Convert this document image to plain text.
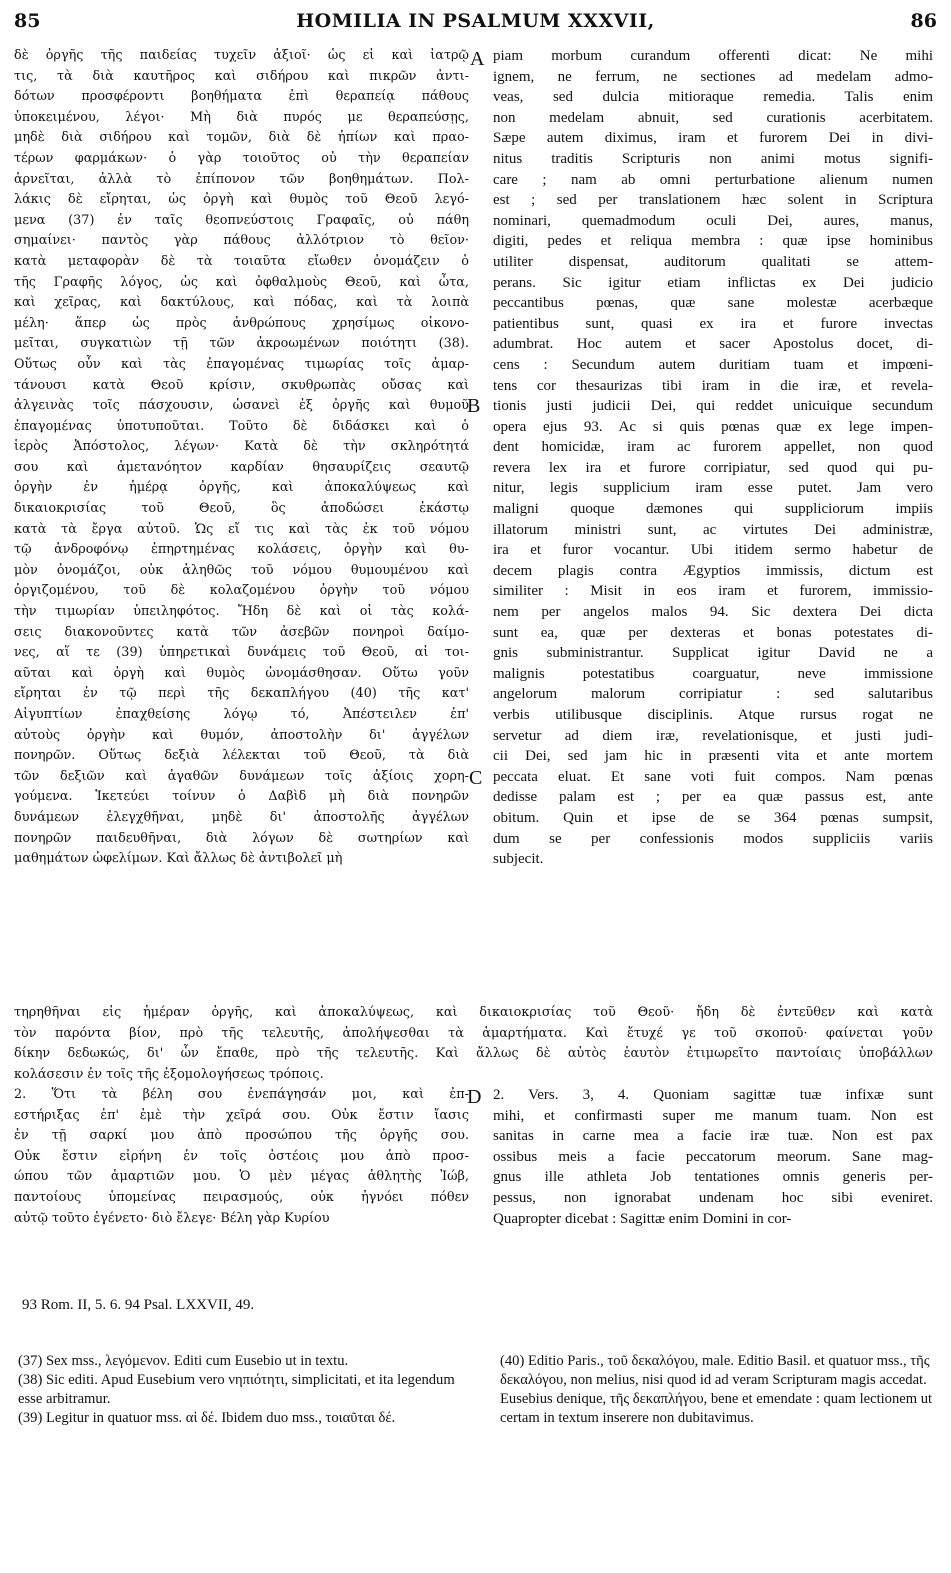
85	HOMILIA IN PSALMUM XXXVII,	86
A
B
C
D
δὲ ὀργῆς τῆς παιδείας τυχεῖν ἀξιοῖ· ὡς εἰ καὶ ἰατρῷ
τις, τὰ διὰ καυτῆρος καὶ σιδήρου καὶ πικρῶν ἀντι-
δότων προσφέροντι βοηθήματα ἐπὶ θεραπείᾳ πάθους
ὑποκειμένου, λέγοι· Μὴ διὰ πυρός με θεραπεύσῃς,
μηδὲ διὰ σιδήρου καὶ τομῶν, διὰ δὲ ἠπίων καὶ πραο-
τέρων φαρμάκων· ὁ γὰρ τοιοῦτος οὐ τὴν θεραπείαν
ἀρνεῖται, ἀλλὰ τὸ ἐπίπονον τῶν βοηθημάτων. Πολ-
λάκις δὲ εἴρηται, ὡς ὀργὴ καὶ θυμὸς τοῦ Θεοῦ λεγό-
μενα (37) ἐν ταῖς θεοπνεύστοις Γραφαῖς, οὐ πάθη
σημαίνει· παντὸς γὰρ πάθους ἀλλότριον τὸ θεῖον·
κατὰ μεταφορὰν δὲ τὰ τοιαῦτα εἴωθεν ὀνομάζειν ὁ
τῆς Γραφῆς λόγος, ὡς καὶ ὀφθαλμοὺς Θεοῦ, καὶ ὦτα,
καὶ χεῖρας, καὶ δακτύλους, καὶ πόδας, καὶ τὰ λοιπὰ
μέλη· ἅπερ ὡς πρὸς ἀνθρώπους χρησίμως οἰκονο-
μεῖται, συγκατιὼν τῇ τῶν ἀκροωμένων ποιότητι (38).
Οὕτως οὖν καὶ τὰς ἐπαγομένας τιμωρίας τοῖς ἁμαρ-
τάνουσι κατὰ Θεοῦ κρίσιν, σκυθρωπὰς οὔσας καὶ
ἀλγεινὰς τοῖς πάσχουσιν, ὡσανεὶ ἐξ ὀργῆς καὶ θυμοῦ
ἐπαγομένας ὑποτυποῦται. Τοῦτο δὲ διδάσκει καὶ ὁ
ἱερὸς Ἀπόστολος, λέγων· Κατὰ δὲ τὴν σκληρότητά
σου καὶ ἀμετανόητον καρδίαν θησαυρίζεις σεαυτῷ
ὀργὴν ἐν ἡμέρᾳ ὀργῆς, καὶ ἀποκαλύψεως καὶ
δικαιοκρισίας τοῦ Θεοῦ, ὃς ἀποδώσει ἑκάστῳ
κατὰ τὰ ἔργα αὐτοῦ. Ὡς εἴ τις καὶ τὰς ἐκ τοῦ νόμου
τῷ ἀνδροφόνῳ ἐπηρτημένας κολάσεις, ὀργὴν καὶ θυ-
μὸν ὀνομάζοι, οὐκ ἀληθῶς τοῦ νόμου θυμουμένου καὶ
ὀργιζομένου, τοῦ δὲ κολαζομένου ὀργὴν τοῦ νόμου
τὴν τιμωρίαν ὑπειληφότος. Ἤδη δὲ καὶ οἱ τὰς κολά-
σεις διακονοῦντες κατὰ τῶν ἀσεβῶν πονηροὶ δαίμο-
νες, αἵ τε (39) ὑπηρετικαὶ δυνάμεις τοῦ Θεοῦ, αἱ τοι-
αῦται καὶ ὀργὴ καὶ θυμὸς ὠνομάσθησαν. Οὕτω γοῦν
εἴρηται ἐν τῷ περὶ τῆς δεκαπλήγου (40) τῆς κατ'
Αἰγυπτίων ἐπαχθείσης λόγῳ τό, Ἀπέστειλεν ἐπ'
αὐτοὺς ὀργὴν καὶ θυμόν, ἀποστολὴν δι' ἀγγέλων
πονηρῶν. Οὕτως δεξιὰ λέλεκται τοῦ Θεοῦ, τὰ διὰ
τῶν δεξιῶν καὶ ἀγαθῶν δυνάμεων τοῖς ἀξίοις χορη-
γούμενα. Ἱκετεύει τοίνυν ὁ Δαβὶδ μὴ διὰ πονηρῶν
δυνάμεων ἐλεγχθῆναι, μηδὲ δι' ἀποστολῆς ἀγγέλων
πονηρῶν παιδευθῆναι, διὰ λόγων δὲ σωτηρίων καὶ
μαθημάτων ὠφελίμων. Καὶ ἄλλως δὲ ἀντιβολεῖ μὴ
piam morbum curandum offerenti dicat: Ne mihi
ignem, ne ferrum, ne sectiones ad medelam admo-
veas, sed dulcia mitioraque remedia. Talis enim
non medelam abnuit, sed curationis acerbitatem.
Sæpe autem diximus, iram et furorem Dei in divi-
nitus traditis Scripturis non animi motus signifi-
care ; nam ab omni perturbatione alienum numen
est ; sed per translationem hæc solent in Scriptura
nominari, quemadmodum oculi Dei, aures, manus,
digiti, pedes et reliqua membra : quæ ipse hominibus
utiliter dispensat, auditorum qualitati se attem-
perans. Sic igitur etiam inflictas ex Dei judicio
peccantibus pœnas, quæ sane molestæ acerbæque
patientibus sunt, quasi ex ira et furore invectas
adumbrat. Hoc autem et sacer Apostolus docet, di-
cens : Secundum autem duritiam tuam et impœni-
tens cor thesaurizas tibi iram in die iræ, et revela-
tionis justi judicii Dei, qui reddet unicuique secundum
opera ejus 93. Ac si quis pœnas quæ ex lege impen-
dent homicidæ, iram ac furorem appellet, non quod
revera lex ira et furore corripiatur, sed quod qui pu-
nitur, legis supplicium iram esse putet. Jam vero
maligni quoque dæmones qui suppliciorum impiis
illatorum ministri sunt, ac virtutes Dei administræ,
ira et furor vocantur. Ubi itidem sermo habetur de
decem plagis contra Ægyptios immissis, dictum est
similiter : Misit in eos iram et furorem, immissio-
nem per angelos malos 94. Sic dextera Dei dicta
sunt ea, quæ per dexteras et bonas potestates di-
gnis subministrantur. Supplicat igitur David ne a
malignis potestatibus coarguatur, neve immissione
angelorum malorum corripiatur : sed salutaribus
verbis utilibusque disciplinis. Atque rursus rogat ne
servetur ad diem iræ, revelationisque, et justi judi-
cii Dei, sed jam hic in præsenti vita et ante mortem
peccata eluat. Et sane voti fuit compos. Nam pœnas
dedisse palam est ; per ea quæ passus est, ante
obitum. Quin et ipse de se 364 pœnas sumpsit,
dum se per confessionis modos suppliciis variis
subjecit.
τηρηθῆναι εἰς ἡμέραν ὀργῆς, καὶ ἀποκαλύψεως, καὶ δικαιοκρισίας τοῦ Θεοῦ· ἤδη δὲ ἐντεῦθεν καὶ κατὰ
τὸν παρόντα βίον, πρὸ τῆς τελευτῆς, ἀπολήψεσθαι τὰ ἁμαρτήματα. Καὶ ἔτυχέ γε τοῦ σκοποῦ· φαίνεται γοῦν
δίκην δεδωκώς, δι' ὧν ἔπαθε, πρὸ τῆς τελευτῆς. Καὶ ἄλλως δὲ αὐτὸς ἑαυτὸν ἐτιμωρεῖτο παντοίαις ὑποβάλλων
κολάσεσιν ἐν τοῖς τῆς ἐξομολογήσεως τρόποις.
2. Ὅτι τὰ βέλη σου ἐνεπάγησάν μοι, καὶ ἐπ-
εστήριξας ἐπ' ἐμὲ τὴν χεῖρά σου. Οὐκ ἔστιν ἴασις
ἐν τῇ σαρκί μου ἀπὸ προσώπου τῆς ὀργῆς σου.
Οὐκ ἔστιν εἰρήνη ἐν τοῖς ὀστέοις μου ἀπὸ προσ-
ώπου τῶν ἁμαρτιῶν μου. Ὁ μὲν μέγας ἀθλητὴς Ἰώβ,
παντοίους ὑπομείνας πειρασμούς, οὐκ ἠγνόει πόθεν
αὐτῷ τοῦτο ἐγένετο· διὸ ἔλεγε· Βέλη γὰρ Κυρίου
2. Vers. 3, 4. Quoniam sagittæ tuæ infixæ sunt
mihi, et confirmasti super me manum tuam. Non est
sanitas in carne mea a facie iræ tuæ. Non est pax
ossibus meis a facie peccatorum meorum. Sane mag-
gnus ille athleta Job tentationes omnis generis per-
pessus, non ignorabat undenam hoc sibi eveniret.
Quapropter dicebat : Sagittæ enim Domini in cor-
93 Rom. II, 5. 6. 94 Psal. LXXVII, 49.

(37) Sex mss., λεγόμενον. Editi cum Eusebio ut in textu.

(38) Sic editi. Apud Eusebium vero νηπιότητι, simplicitati, et ita legendum esse arbitramur.

(39) Legitur in quatuor mss. αἱ δέ. Ibidem duo mss., τοιαῦται δέ.

(40) Editio Paris., τοῦ δεκαλόγου, male. Editio Basil. et quatuor mss., τῆς δεκαλόγου, non melius, nisi quod id ad veram Scripturam magis accedat. Eusebius denique, τῆς δεκαπλήγου, bene et emendate : quam lectionem ut certam in textum inserere non dubitavimus.
